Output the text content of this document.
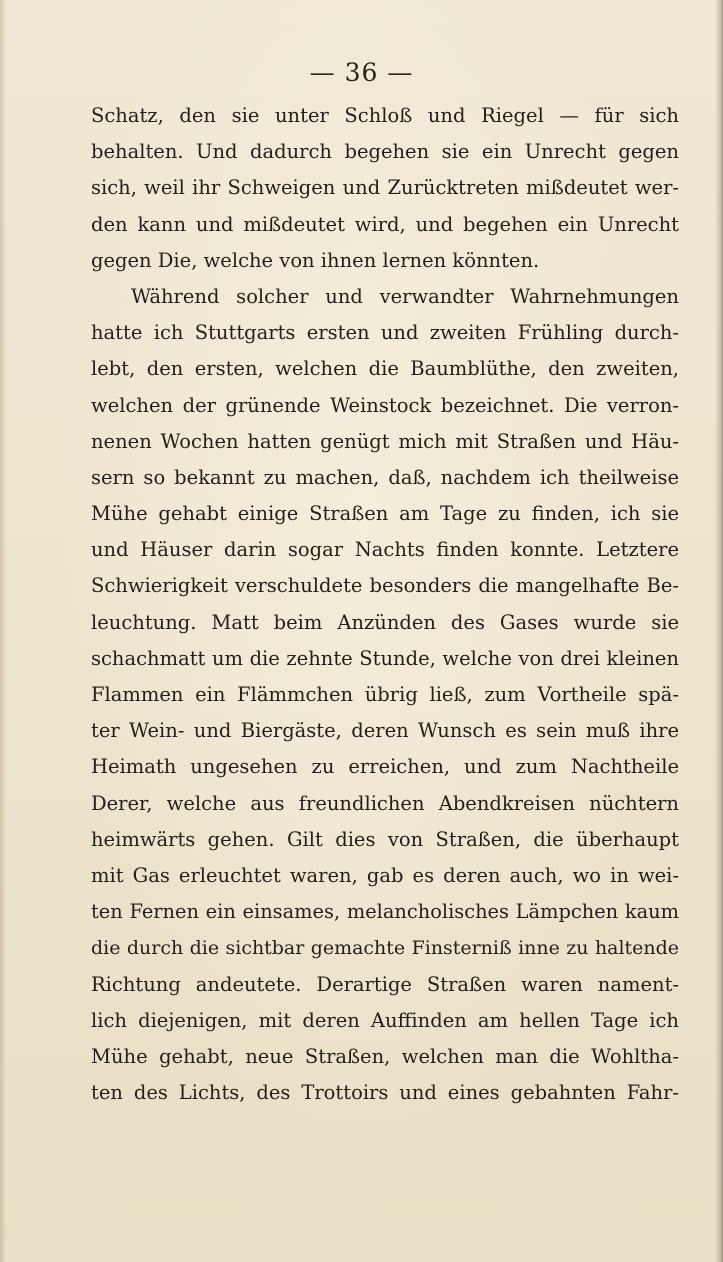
— 36 —
Schatz, den sie unter Schloß und Riegel — für sich
behalten. Und dadurch begehen sie ein Unrecht gegen
sich, weil ihr Schweigen und Zurücktreten mißdeutet wer-
den kann und mißdeutet wird, und begehen ein Unrecht
gegen Die, welche von ihnen lernen könnten.
Während solcher und verwandter Wahrnehmungen
hatte ich Stuttgarts ersten und zweiten Frühling durch-
lebt, den ersten, welchen die Baumblüthe, den zweiten,
welchen der grünende Weinstock bezeichnet. Die verron-
nenen Wochen hatten genügt mich mit Straßen und Häu-
sern so bekannt zu machen, daß, nachdem ich theilweise
Mühe gehabt einige Straßen am Tage zu finden, ich sie
und Häuser darin sogar Nachts finden konnte. Letztere
Schwierigkeit verschuldete besonders die mangelhafte Be-
leuchtung. Matt beim Anzünden des Gases wurde sie
schachmatt um die zehnte Stunde, welche von drei kleinen
Flammen ein Flämmchen übrig ließ, zum Vortheile spä-
ter Wein- und Biergäste, deren Wunsch es sein muß ihre
Heimath ungesehen zu erreichen, und zum Nachtheile
Derer, welche aus freundlichen Abendkreisen nüchtern
heimwärts gehen. Gilt dies von Straßen, die überhaupt
mit Gas erleuchtet waren, gab es deren auch, wo in wei-
ten Fernen ein einsames, melancholisches Lämpchen kaum
die durch die sichtbar gemachte Finsterniß inne zu haltende
Richtung andeutete. Derartige Straßen waren nament-
lich diejenigen, mit deren Auffinden am hellen Tage ich
Mühe gehabt, neue Straßen, welchen man die Wohltha-
ten des Lichts, des Trottoirs und eines gebahnten Fahr-
